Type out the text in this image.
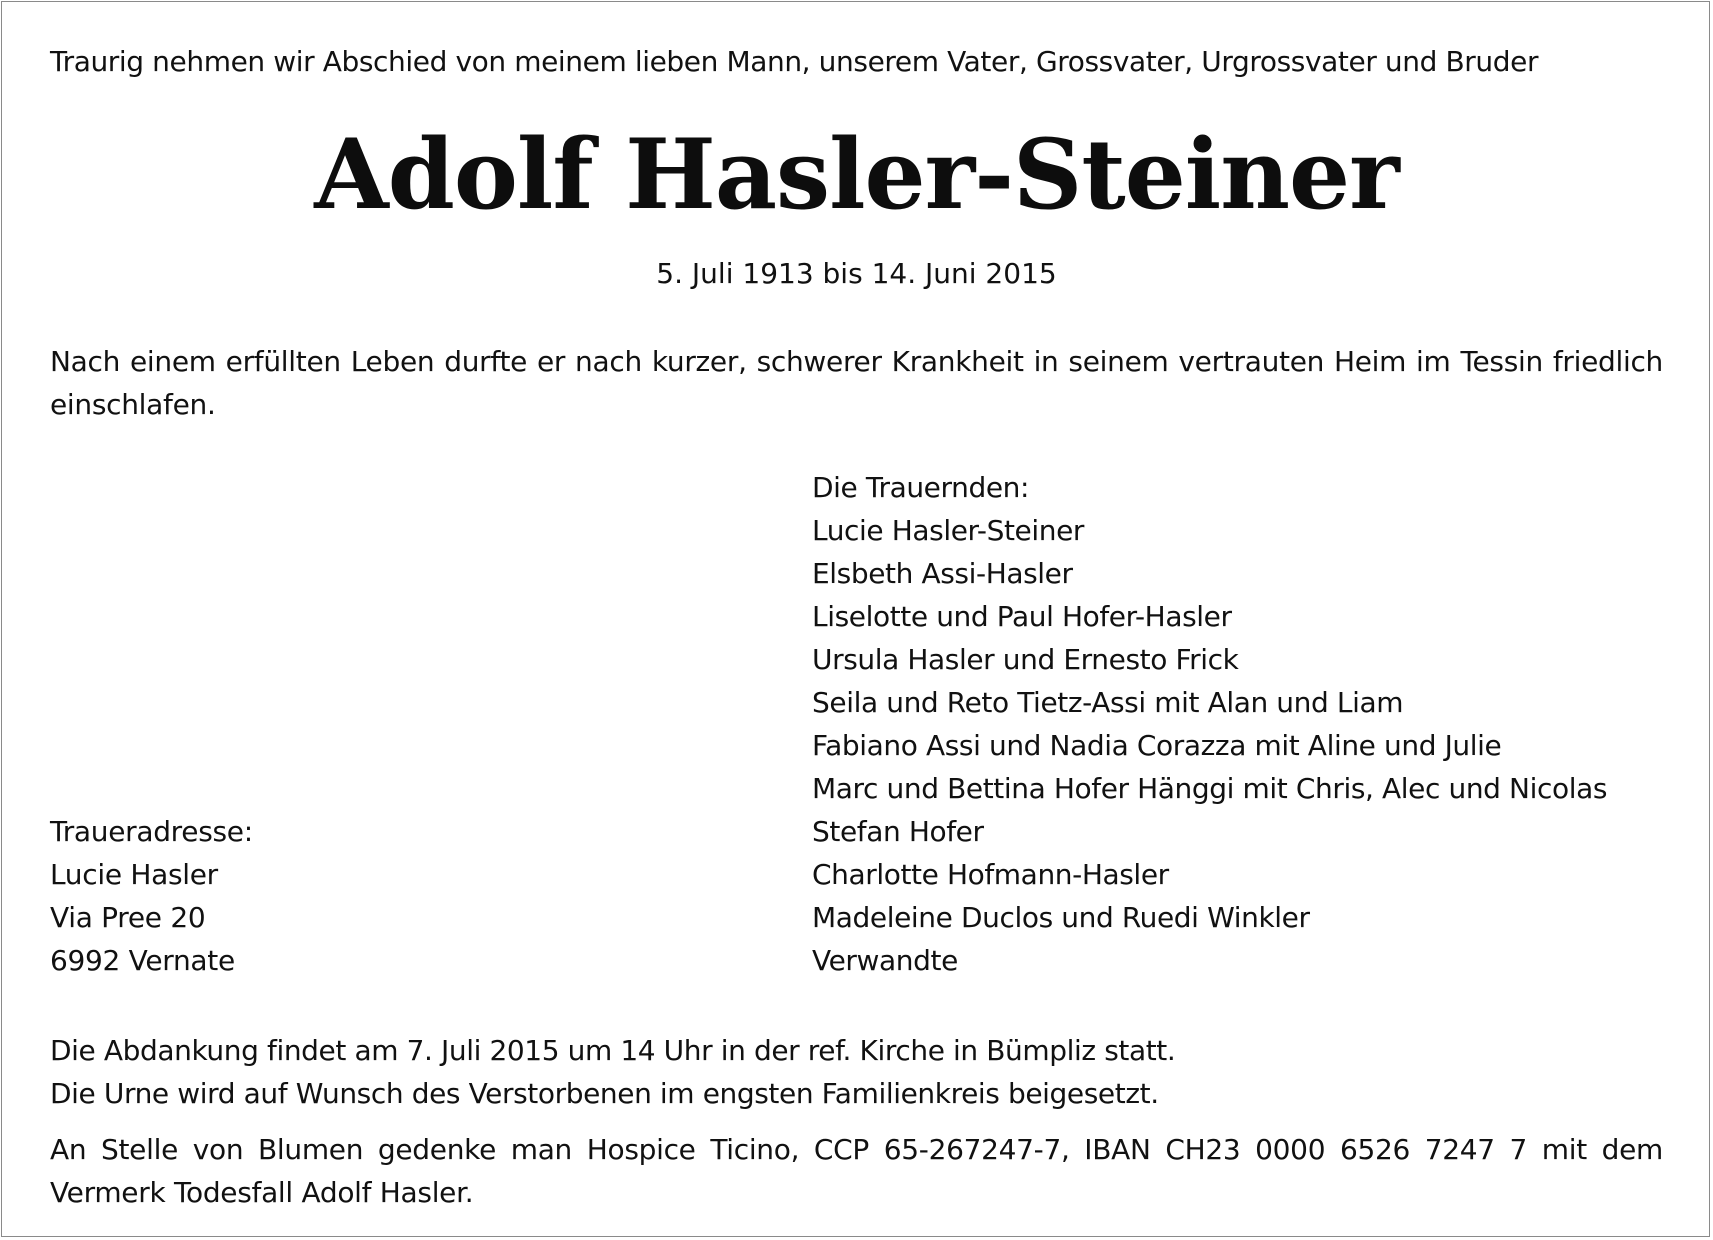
Traurig nehmen wir Abschied von meinem lieben Mann, unserem Vater, Grossvater, Urgrossvater und Bruder

Adolf Hasler-Steiner

5. Juli 1913 bis 14. Juni 2015

Nach einem erfüllten Leben durfte er nach kurzer, schwerer Krankheit in seinem vertrauten Heim im Tessin friedlich einschlafen.

Die Trauernden:
Lucie Hasler-Steiner
Elsbeth Assi-Hasler
Liselotte und Paul Hofer-Hasler
Ursula Hasler und Ernesto Frick
Seila und Reto Tietz-Assi mit Alan und Liam
Fabiano Assi und Nadia Corazza mit Aline und Julie
Marc und Bettina Hofer Hänggi mit Chris, Alec und Nicolas
Stefan Hofer
Charlotte Hofmann-Hasler
Madeleine Duclos und Ruedi Winkler
Verwandte
Traueradresse:
Lucie Hasler
Via Pree 20
6992 Vernate

Die Abdankung findet am 7. Juli 2015 um 14 Uhr in der ref. Kirche in Bümpliz statt.

Die Urne wird auf Wunsch des Verstorbenen im engsten Familienkreis beigesetzt.

An Stelle von Blumen gedenke man Hospice Ticino, CCP 65-267247-7, IBAN CH23 0000 6526 7247 7 mit dem Vermerk Todesfall Adolf Hasler.
